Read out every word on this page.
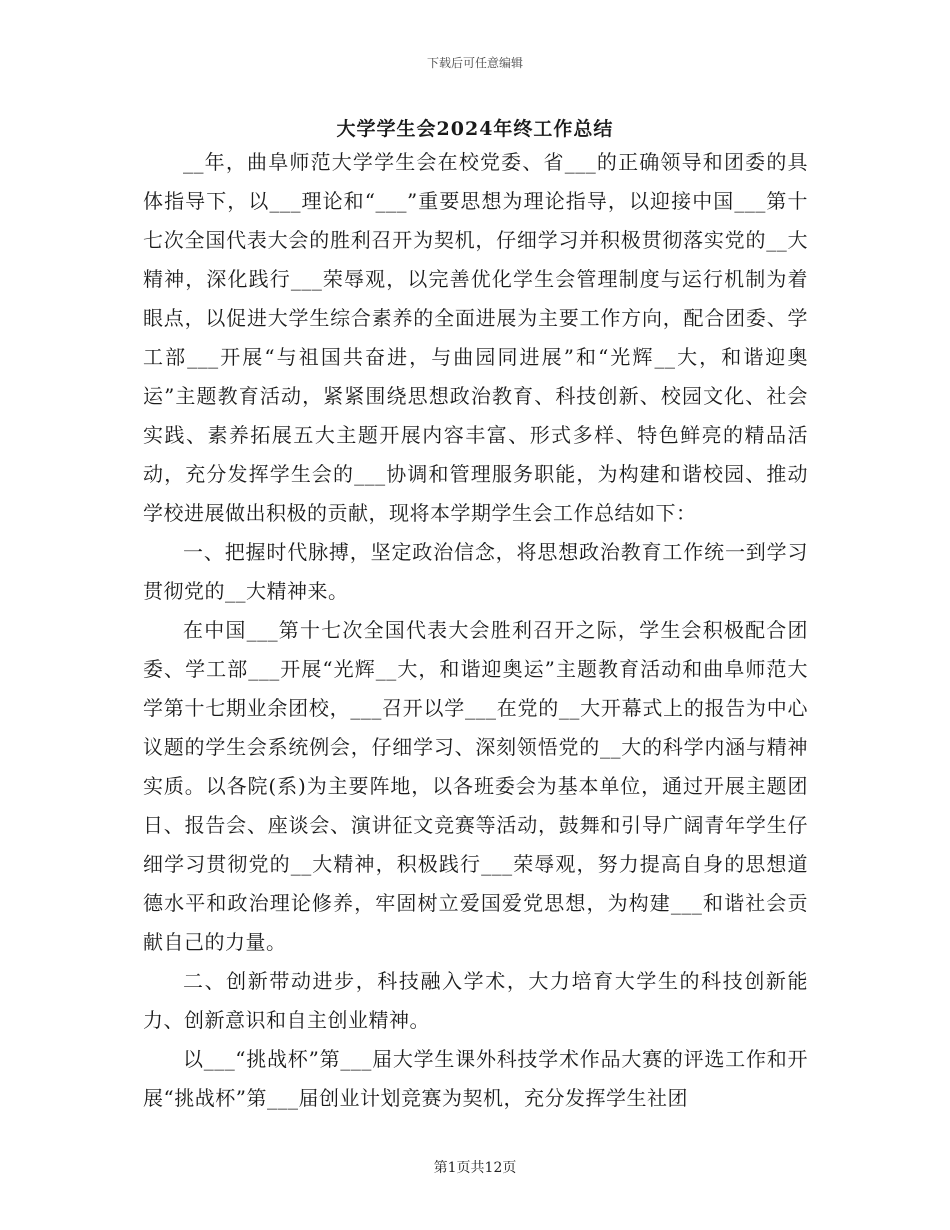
下载后可任意编辑
大学学生会2024年终工作总结

__年，曲阜师范大学学生会在校党委、省___的正确领导和团委的具体指导下，以___理论和“___”重要思想为理论指导，以迎接中国___第十七次全国代表大会的胜利召开为契机，仔细学习并积极贯彻落实党的__大精神，深化践行___荣辱观，以完善优化学生会管理制度与运行机制为着眼点，以促进大学生综合素养的全面进展为主要工作方向，配合团委、学工部___开展“与祖国共奋进，与曲园同进展”和“光辉__大，和谐迎奥运”主题教育活动，紧紧围绕思想政治教育、科技创新、校园文化、社会实践、素养拓展五大主题开展内容丰富、形式多样、特色鲜亮的精品活动，充分发挥学生会的___协调和管理服务职能，为构建和谐校园、推动学校进展做出积极的贡献，现将本学期学生会工作总结如下：

一、把握时代脉搏，坚定政治信念，将思想政治教育工作统一到学习贯彻党的__大精神来。

在中国___第十七次全国代表大会胜利召开之际，学生会积极配合团委、学工部___开展“光辉__大，和谐迎奥运”主题教育活动和曲阜师范大学第十七期业余团校，___召开以学___在党的__大开幕式上的报告为中心议题的学生会系统例会，仔细学习、深刻领悟党的__大的科学内涵与精神实质。以各院(系)为主要阵地，以各班委会为基本单位，通过开展主题团日、报告会、座谈会、演讲征文竞赛等活动，鼓舞和引导广阔青年学生仔细学习贯彻党的__大精神，积极践行___荣辱观，努力提高自身的思想道德水平和政治理论修养，牢固树立爱国爱党思想，为构建___和谐社会贡献自己的力量。

二、创新带动进步，科技融入学术，大力培育大学生的科技创新能力、创新意识和自主创业精神。

以___“挑战杯”第___届大学生课外科技学术作品大赛的评选工作和开展“挑战杯”第___届创业计划竞赛为契机，充分发挥学生社团

第1页共12页
